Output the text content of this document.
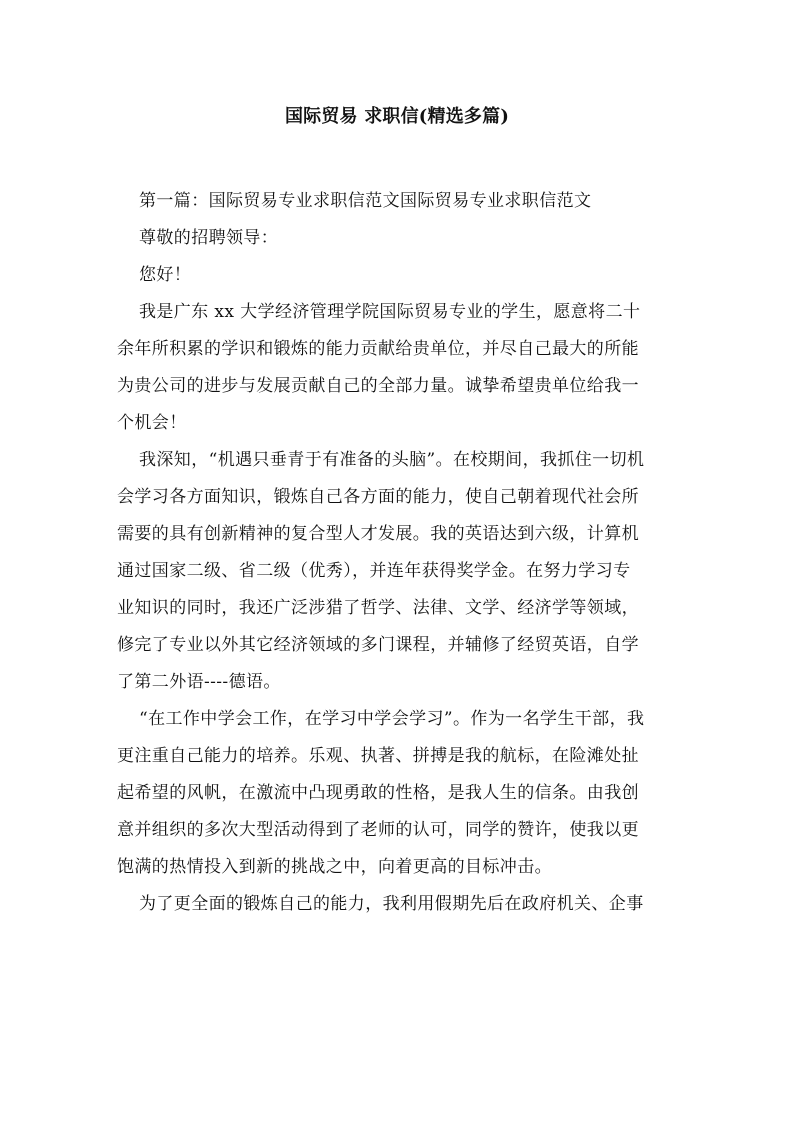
国际贸易 求职信(精选多篇)
第一篇：国际贸易专业求职信范文国际贸易专业求职信范文
尊敬的招聘领导：
您好！
我是广东 xx 大学经济管理学院国际贸易专业的学生，愿意将二十
余年所积累的学识和锻炼的能力贡献给贵单位，并尽自己最大的所能
为贵公司的进步与发展贡献自己的全部力量。诚挚希望贵单位给我一
个机会！
我深知，“机遇只垂青于有准备的头脑”。在校期间，我抓住一切机
会学习各方面知识，锻炼自己各方面的能力，使自己朝着现代社会所
需要的具有创新精神的复合型人才发展。我的英语达到六级，计算机
通过国家二级、省二级（优秀），并连年获得奖学金。在努力学习专
业知识的同时，我还广泛涉猎了哲学、法律、文学、经济学等领域，
修完了专业以外其它经济领域的多门课程，并辅修了经贸英语，自学
了第二外语----德语。
“在工作中学会工作，在学习中学会学习”。作为一名学生干部，我
更注重自己能力的培养。乐观、执著、拼搏是我的航标，在险滩处扯
起希望的风帆，在激流中凸现勇敢的性格，是我人生的信条。由我创
意并组织的多次大型活动得到了老师的认可，同学的赞许，使我以更
饱满的热情投入到新的挑战之中，向着更高的目标冲击。
为了更全面的锻炼自己的能力，我利用假期先后在政府机关、企事
